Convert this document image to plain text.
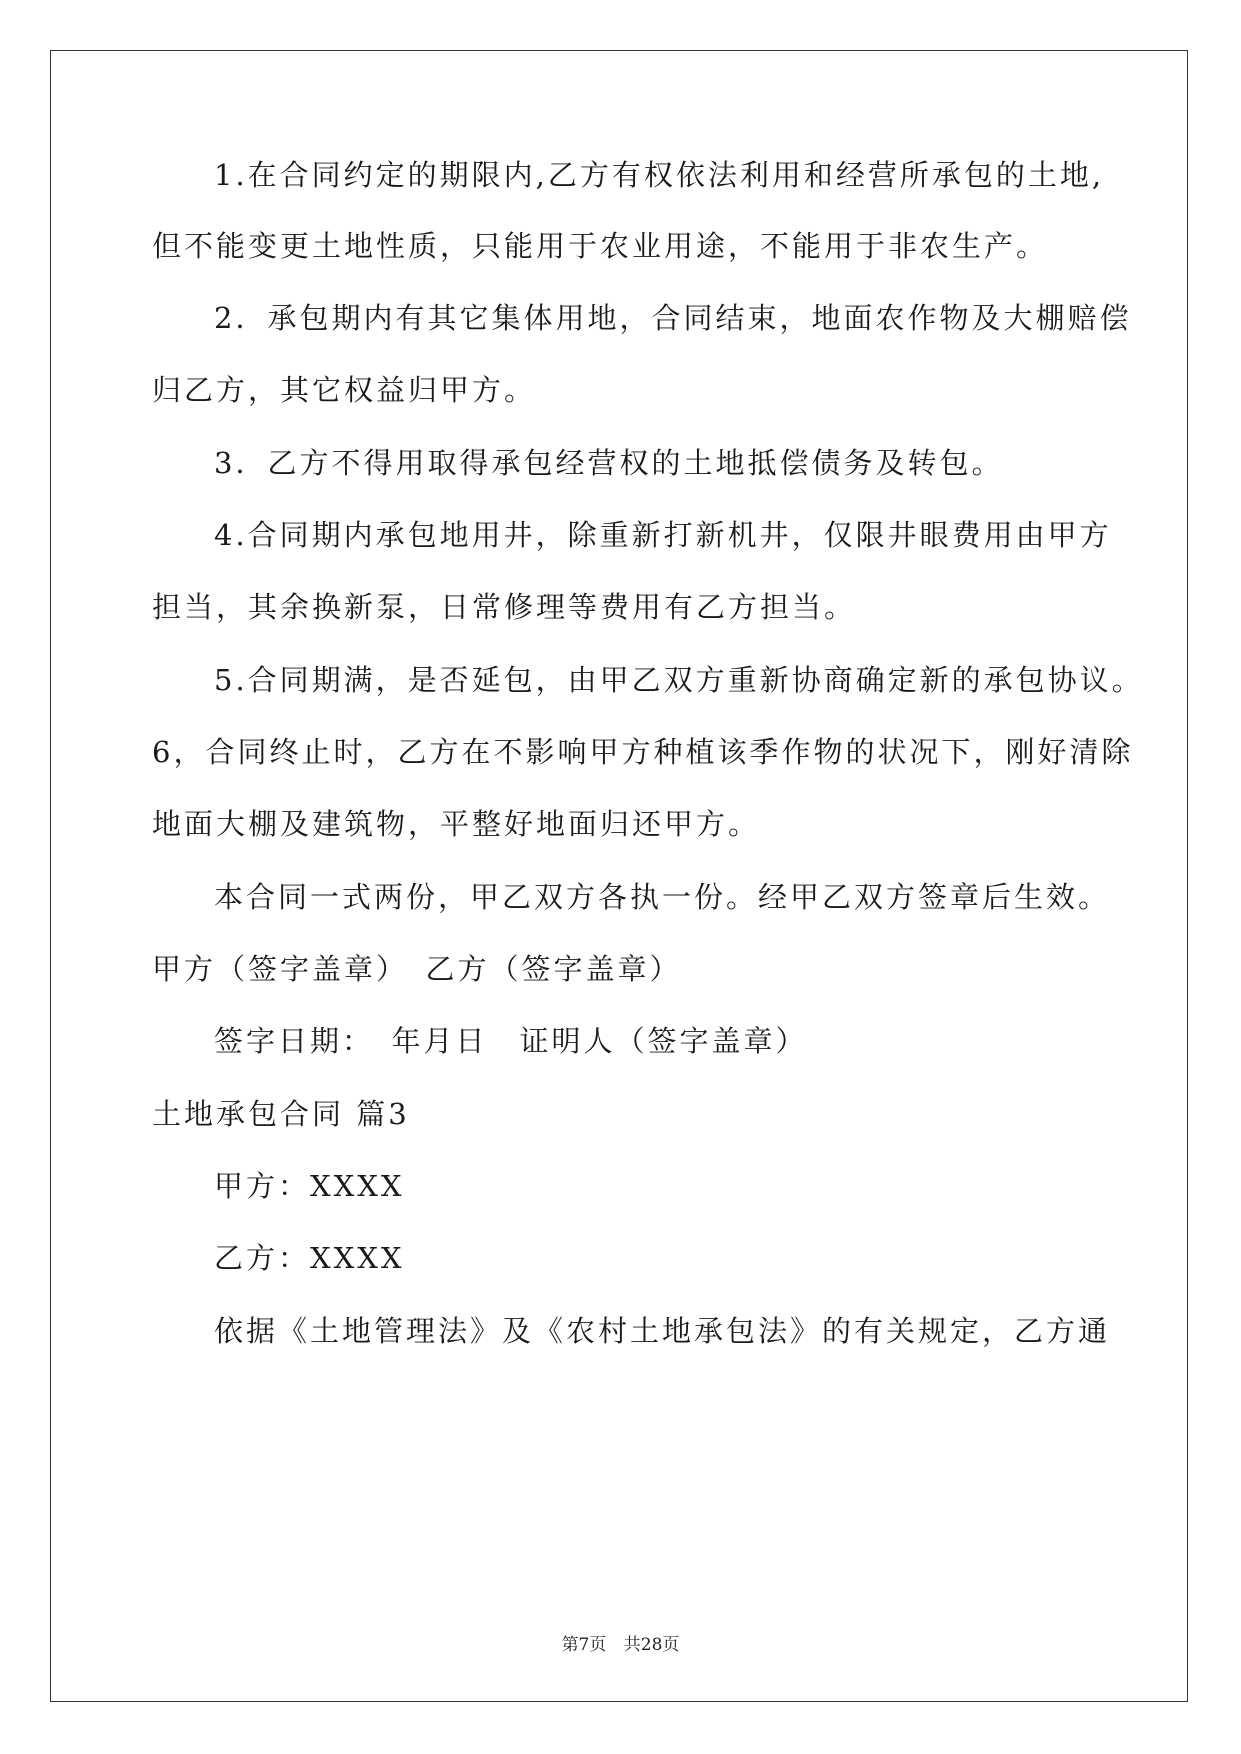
1.在合同约定的期限内,乙方有权依法利用和经营所承包的土地,
但不能变更土地性质，只能用于农业用途，不能用于非农生产。
2．承包期内有其它集体用地，合同结束，地面农作物及大棚赔偿
归乙方，其它权益归甲方。
3．乙方不得用取得承包经营权的土地抵偿债务及转包。
4.合同期内承包地用井，除重新打新机井，仅限井眼费用由甲方
担当，其余换新泵，日常修理等费用有乙方担当。
5.合同期满，是否延包，由甲乙双方重新协商确定新的承包协议。
6，合同终止时，乙方在不影响甲方种植该季作物的状况下，刚好清除
地面大棚及建筑物，平整好地面归还甲方。
本合同一式两份，甲乙双方各执一份。经甲乙双方签章后生效。
甲方（签字盖章）　乙方（签字盖章）
签字日期：　年月日　证明人（签字盖章）
土地承包合同 篇3
甲方：XXXX
乙方：XXXX
依据《土地管理法》及《农村土地承包法》的有关规定，乙方通
第7页 共28页
